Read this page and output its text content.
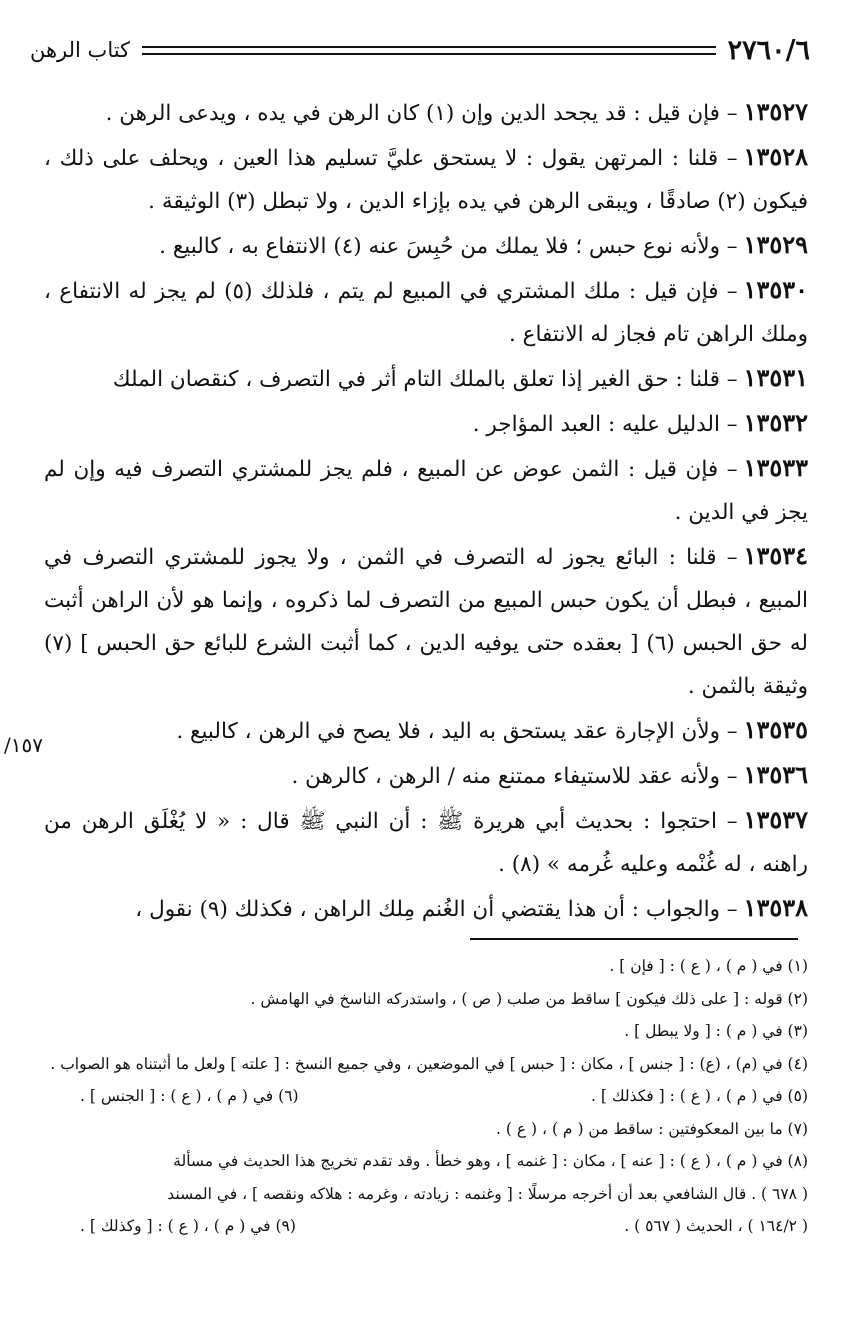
٢٧٦٠/٦
كتاب الرهن
/١٥٧

١٣٥٢٧– فإن قيل : قد يجحد الدين وإن (١) كان الرهن في يده ، ويدعى الرهن .

١٣٥٢٨– قلنا : المرتهن يقول : لا يستحق عليَّ تسليم هذا العين ، ويحلف على ذلك ، فيكون (٢) صادقًا ، ويبقى الرهن في يده بإزاء الدين ، ولا تبطل (٣) الوثيقة .

١٣٥٢٩– ولأنه نوع حبس ؛ فلا يملك من حُبِسَ عنه (٤) الانتفاع به ، كالبيع .

١٣٥٣٠– فإن قيل : ملك المشتري في المبيع لم يتم ، فلذلك (٥) لم يجز له الانتفاع ، وملك الراهن تام فجاز له الانتفاع .

١٣٥٣١– قلنا : حق الغير إذا تعلق بالملك التام أثر في التصرف ، كنقصان الملك

١٣٥٣٢– الدليل عليه : العبد المؤاجر .

١٣٥٣٣– فإن قيل : الثمن عوض عن المبيع ، فلم يجز للمشتري التصرف فيه وإن لم يجز في الدين .

١٣٥٣٤– قلنا : البائع يجوز له التصرف في الثمن ، ولا يجوز للمشتري التصرف في المبيع ، فبطل أن يكون حبس المبيع من التصرف لما ذكروه ، وإنما هو لأن الراهن أثبت له حق الحبس (٦) [ بعقده حتى يوفيه الدين ، كما أثبت الشرع للبائع حق الحبس ] (٧) وثيقة بالثمن .

١٣٥٣٥– ولأن الإجارة عقد يستحق به اليد ، فلا يصح في الرهن ، كالبيع .

١٣٥٣٦– ولأنه عقد للاستيفاء ممتنع منه / الرهن ، كالرهن .

١٣٥٣٧– احتجوا : بحديث أبي هريرة ﷺ : أن النبي ﷺ قال : « لا يُغْلَق الرهن من راهنه ، له غُنْمه وعليه غُرمه » (٨) .

١٣٥٣٨– والجواب : أن هذا يقتضي أن الغُنم مِلك الراهن ، فكذلك (٩) نقول ،

(١) في ( م ) ، ( ع ) : [ فإن ] .
(٢) قوله : [ على ذلك فيكون ] ساقط من صلب ( ص ) ، واستدركه الناسخ في الهامش .
(٣) في ( م ) : [ ولا يبطل ] .
(٤) في (م) ، (ع) : [ جنس ] ، مكان : [ حبس ] في الموضعين ، وفي جميع النسخ : [ علته ] ولعل ما أثبتناه هو الصواب .
(٥) في ( م ) ، ( ع ) : [ فكذلك ] .
(٦) في ( م ) ، ( ع ) : [ الجنس ] .
(٧) ما بين المعكوفتين : ساقط من ( م ) ، ( ع ) .
(٨) في ( م ) ، ( ع ) : [ عنه ] ، مكان : [ غنمه ] ، وهو خطأ . وقد تقدم تخريج هذا الحديث في مسألة
( ٦٧٨ ) . قال الشافعي بعد أن أخرجه مرسلًا : [ وغنمه : زيادته ، وغرمه : هلاكه ونقصه ] ، في المسند
( ١٦٤/٢ ) ، الحديث ( ٥٦٧ ) .
(٩) في ( م ) ، ( ع ) : [ وكذلك ] .
